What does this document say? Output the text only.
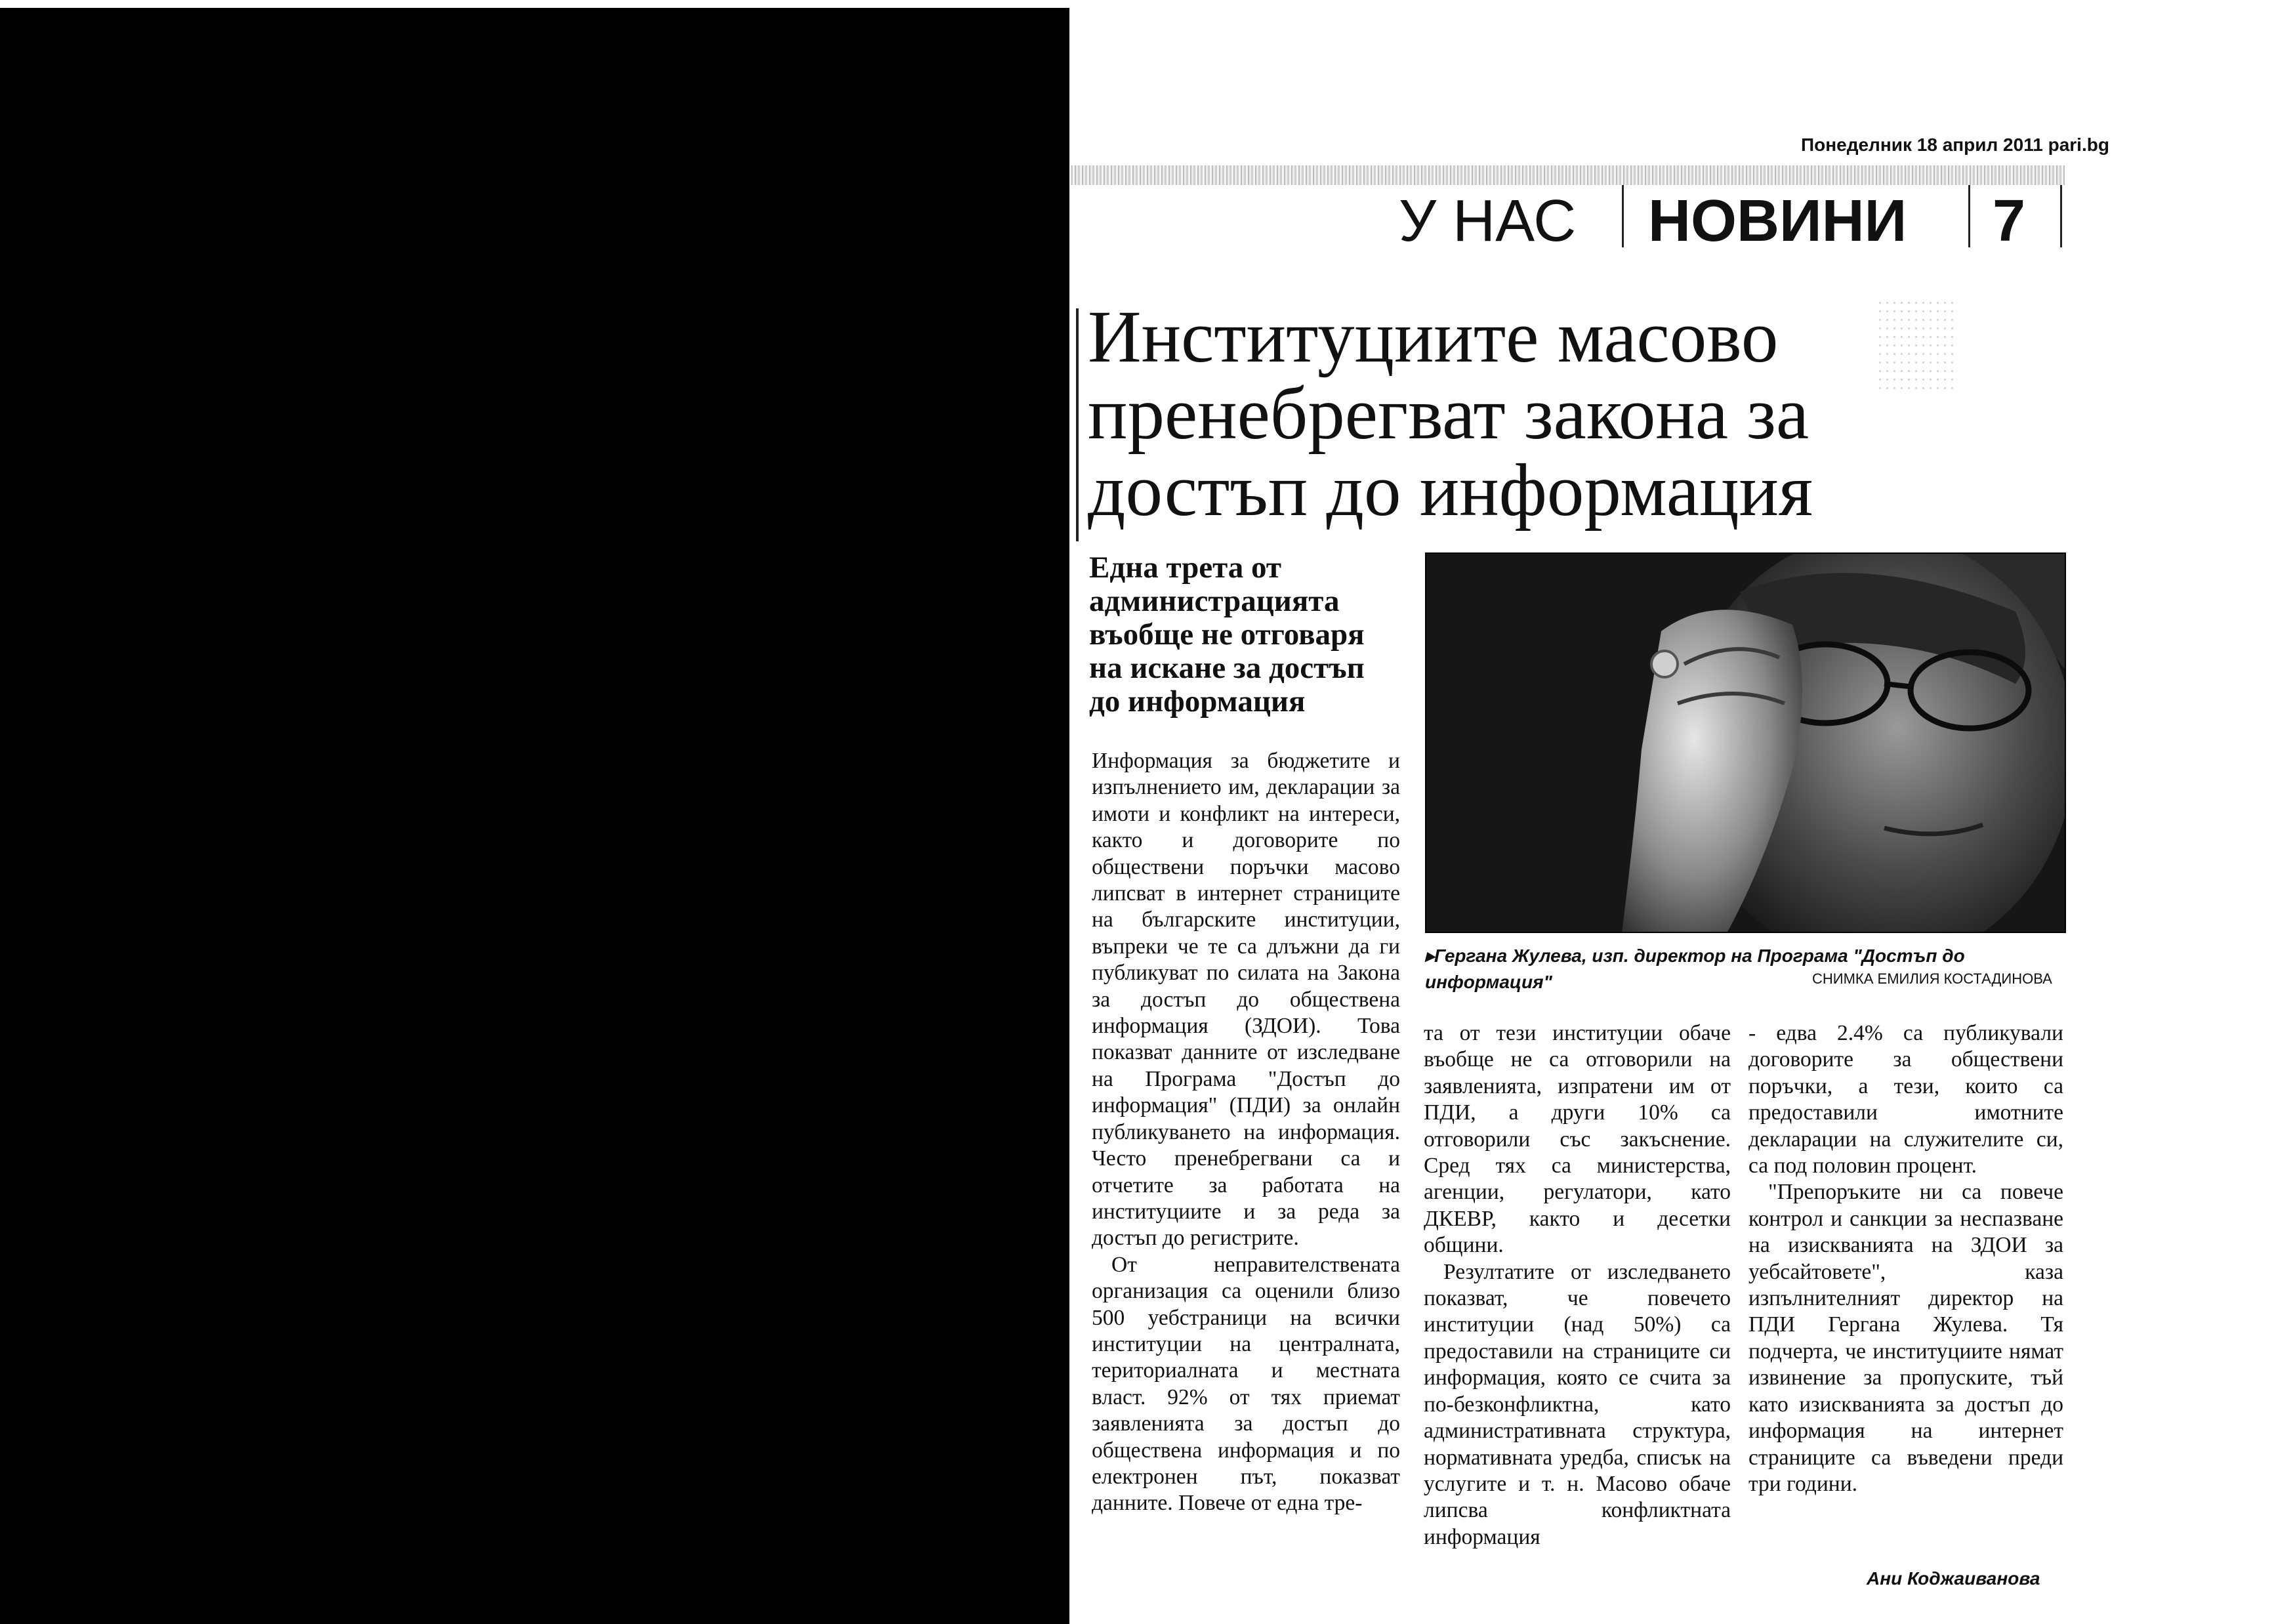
Понеделник 18 април 2011 pari.bg
У НАС НОВИНИ 7
Институциите масово пренебрегват закона за достъп до информация
Една трета от администрацията въобще не отговаря на искане за достъп до информация
▸Гергана Жулева, изп. директор на Програма "Достъп до информация"	СНИМКА ЕМИЛИЯ КОСТАДИНОВА

Информация за бюджетите и изпълнението им, декларации за имоти и конфликт на интереси, както и договорите по обществени поръчки масово липсват в интернет страниците на българските институции, въпреки че те са длъжни да ги публикуват по силата на Закона за достъп до обществена информация (ЗДОИ). Това показват данните от изследване на Програма "Достъп до информация" (ПДИ) за онлайн публикуването на информация. Често пренебрегвани са и отчетите за работата на институциите и за реда за достъп до регистрите.

От неправителствената организация са оценили близо 500 уебстраници на всички институции на централната, териториалната и местната власт. 92% от тях приемат заявленията за достъп до обществена информация и по електронен път, показват данните. Повече от една тре-

та от тези институции обаче въобще не са отговорили на заявленията, изпратени им от ПДИ, а други 10% са отговорили със закъснение. Сред тях са министерства, агенции, регулатори, като ДКЕВР, както и десетки общини.

Резултатите от изследването показват, че повечето институции (над 50%) са предоставили на страниците си информация, която се счита за по-безконфликтна, като административната структура, нормативната уредба, списък на услугите и т. н. Масово обаче липсва конфликтната информация

- едва 2.4% са публикували договорите за обществени поръчки, а тези, които са предоставили имотните декларации на служителите си, са под половин процент.

"Препоръките ни са повече контрол и санкции за неспазване на изискванията на ЗДОИ за уебсайтовете", каза изпълнителният директор на ПДИ Гергана Жулева. Тя подчерта, че институциите нямат извинение за пропуските, тъй като изискванията за достъп до информация на интернет страниците са въведени преди три години.

Ани Коджаиванова
